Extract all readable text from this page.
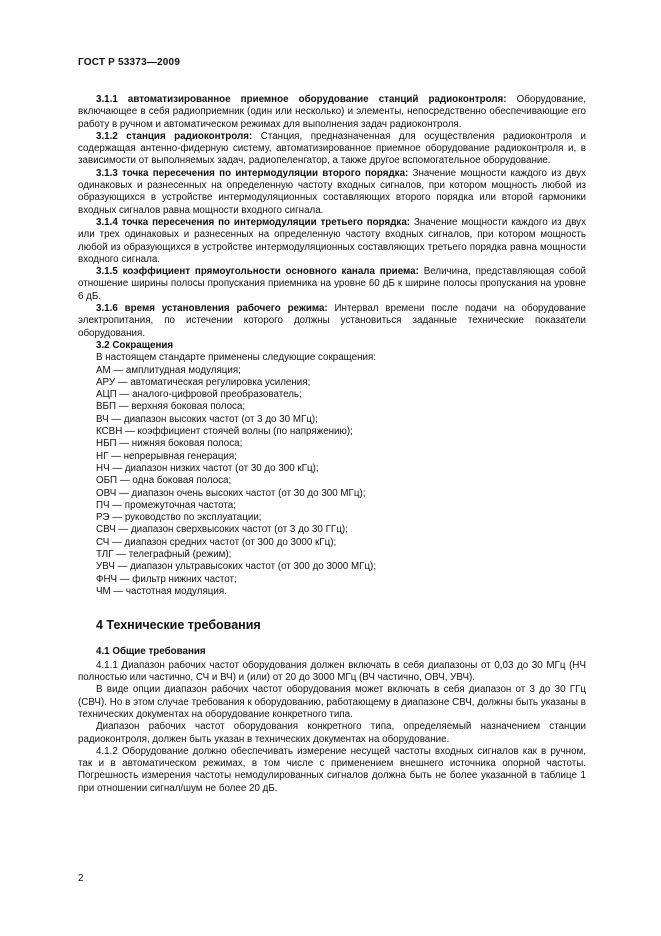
ГОСТ Р 53373—2009

3.1.1 автоматизированное приемное оборудование станций радиоконтроля: Оборудование, включающее в себя радиоприемник (один или несколько) и элементы, непосредственно обеспечивающие его работу в ручном и автоматическом режимах для выполнения задач радиоконтроля.

3.1.2 станция радиоконтроля: Станция, предназначенная для осуществления радиоконтроля и содержащая антенно-фидерную систему, автоматизированное приемное оборудование радиоконтроля и, в зависимости от выполняемых задач, радиопеленгатор, а также другое вспомогательное оборудование.

3.1.3 точка пересечения по интермодуляции второго порядка: Значение мощности каждого из двух одинаковых и разнесенных на определенную частоту входных сигналов, при котором мощность любой из образующихся в устройстве интермодуляционных составляющих второго порядка или второй гармоники входных сигналов равна мощности входного сигнала.

3.1.4 точка пересечения по интермодуляции третьего порядка: Значение мощности каждого из двух или трех одинаковых и разнесенных на определенную частоту входных сигналов, при котором мощность любой из образующихся в устройстве интермодуляционных составляющих третьего порядка равна мощности входного сигнала.

3.1.5 коэффициент прямоугольности основного канала приема: Величина, представляющая собой отношение ширины полосы пропускания приемника на уровне 60 дБ к ширине полосы пропускания на уровне 6 дБ.

3.1.6 время установления рабочего режима: Интервал времени после подачи на оборудование электропитания, по истечении которого должны установиться заданные технические показатели оборудования.

3.2 Сокращения

В настоящем стандарте применены следующие сокращения:

АМ — амплитудная модуляция;
АРУ — автоматическая регулировка усиления;
АЦП — аналого-цифровой преобразователь;
ВБП — верхняя боковая полоса;
ВЧ — диапазон высоких частот (от 3 до 30 МГц);
КСВН — коэффициент стоячей волны (по напряжению);
НБП — нижняя боковая полоса;
НГ — непрерывная генерация;
НЧ — диапазон низких частот (от 30 до 300 кГц);
ОБП — одна боковая полоса;
ОВЧ — диапазон очень высоких частот (от 30 до 300 МГц);
ПЧ — промежуточная частота;
РЭ — руководство по эксплуатации;
СВЧ — диапазон сверхвысоких частот (от 3 до 30 ГГц);
СЧ — диапазон средних частот (от 300 до 3000 кГц);
ТЛГ — телеграфный (режим);
УВЧ — диапазон ультравысоких частот (от 300 до 3000 МГц);
ФНЧ — фильтр нижних частот;
ЧМ — частотная модуляция.
4 Технические требования

4.1 Общие требования

4.1.1 Диапазон рабочих частот оборудования должен включать в себя диапазоны от 0,03 до 30 МГц (НЧ полностью или частично, СЧ и ВЧ) и (или) от 20 до 3000 МГц (ВЧ частично, ОВЧ, УВЧ).

В виде опции диапазон рабочих частот оборудования может включать в себя диапазон от 3 до 30 ГГц (СВЧ). Но в этом случае требования к оборудованию, работающему в диапазоне СВЧ, должны быть указаны в технических документах на оборудование конкретного типа.

Диапазон рабочих частот оборудования конкретного типа, определяемый назначением станции радиоконтроля, должен быть указан в технических документах на оборудование.

4.1.2 Оборудование должно обеспечивать измерение несущей частоты входных сигналов как в ручном, так и в автоматическом режимах, в том числе с применением внешнего источника опорной частоты. Погрешность измерения частоты немодулированных сигналов должна быть не более указанной в таблице 1 при отношении сигнал/шум не более 20 дБ.

2
